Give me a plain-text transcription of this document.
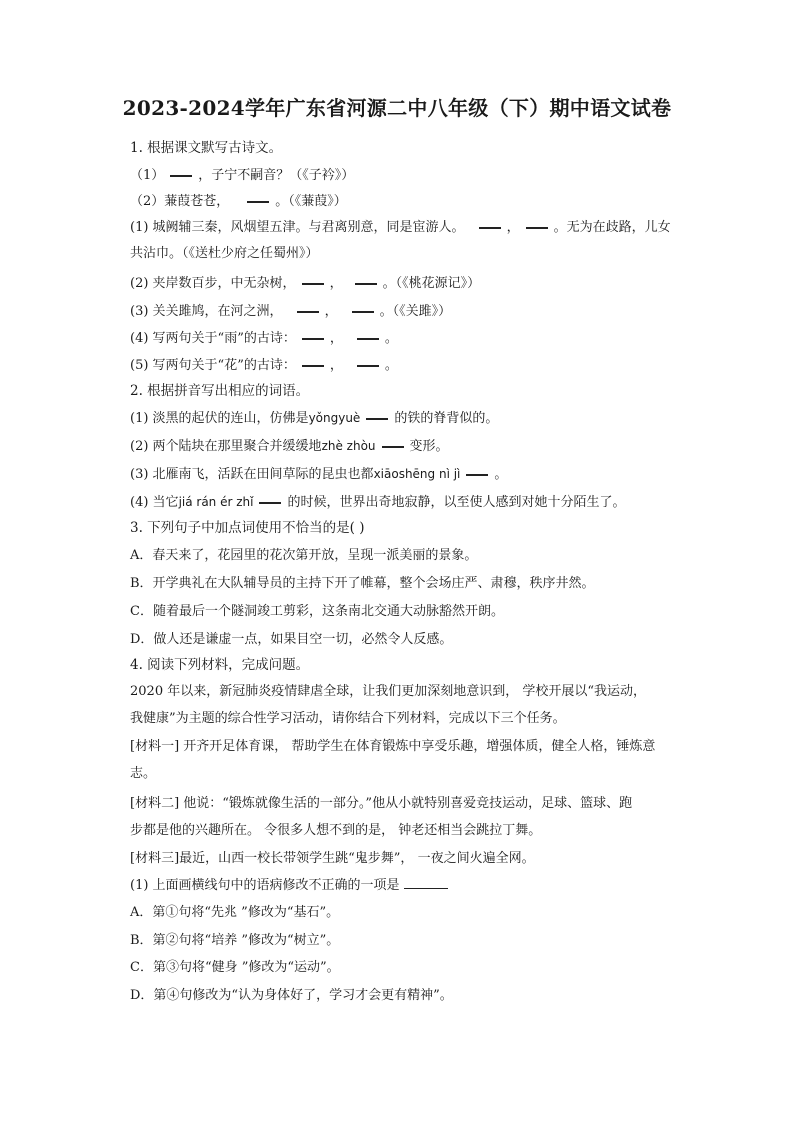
2023-2024学年广东省河源二中八年级（下）期中语文试卷
1. 根据课文默写古诗文。
（1）	，子宁不嗣音？（《子衿》）
（2）蒹葭苍苍，	。（《蒹葭》）
(1) 城阙辅三秦，风烟望五津。与君离别意，同是宦游人。	，	。无为在歧路，儿女
共沾巾。（《送杜少府之任蜀州》）
(2) 夹岸数百步，中无杂树，	，	。（《桃花源记》）
(3) 关关雎鸠，在河之洲，	，	。（《关雎》）
(4) 写两句关于“雨”的古诗：	，	。
(5) 写两句关于“花”的古诗：	，	。
2. 根据拼音写出相应的词语。
(1) 淡黑的起伏的连山，仿佛是yǒngyuè	的铁的脊背似的。
(2) 两个陆块在那里聚合并缓缓地zhè zhòu	变形。
(3) 北雁南飞，活跃在田间草际的昆虫也都xiāoshēng nì jì	。
(4) 当它jiá rán ér zhǐ	的时候，世界出奇地寂静，以至使人感到对她十分陌生了。
3. 下列句子中加点词使用不恰当的是( )
A．春天来了，花园里的花次第开放，呈现一派美丽的景象。
B．开学典礼在大队辅导员的主持下开了帷幕，整个会场庄严、肃穆，秩序井然。
C．随着最后一个隧洞竣工剪彩，这条南北交通大动脉豁然开朗。
D．做人还是谦虚一点，如果目空一切，必然令人反感。
4. 阅读下列材料，完成问题。
2020 年以来，新冠肺炎疫情肆虐全球，让我们更加深刻地意识到， 学校开展以“我运动，
我健康”为主题的综合性学习活动，请你结合下列材料，完成以下三个任务。
[材料一] 开齐开足体育课， 帮助学生在体育锻炼中享受乐趣，增强体质，健全人格，锤炼意
志。
[材料二] 他说：“锻炼就像生活的一部分。”他从小就特别喜爱竞技运动，足球、篮球、跑
步都是他的兴趣所在。 令很多人想不到的是， 钟老还相当会跳拉丁舞。
[材料三]最近，山西一校长带领学生跳“鬼步舞”， 一夜之间火遍全网。
(1) 上面画横线句中的语病修改不正确的一项是
A．第①句将“先兆 ”修改为“基石”。
B．第②句将“培养 ”修改为“树立”。
C．第③句将“健身 ”修改为“运动”。
D．第④句修改为“认为身体好了，学习才会更有精神”。
